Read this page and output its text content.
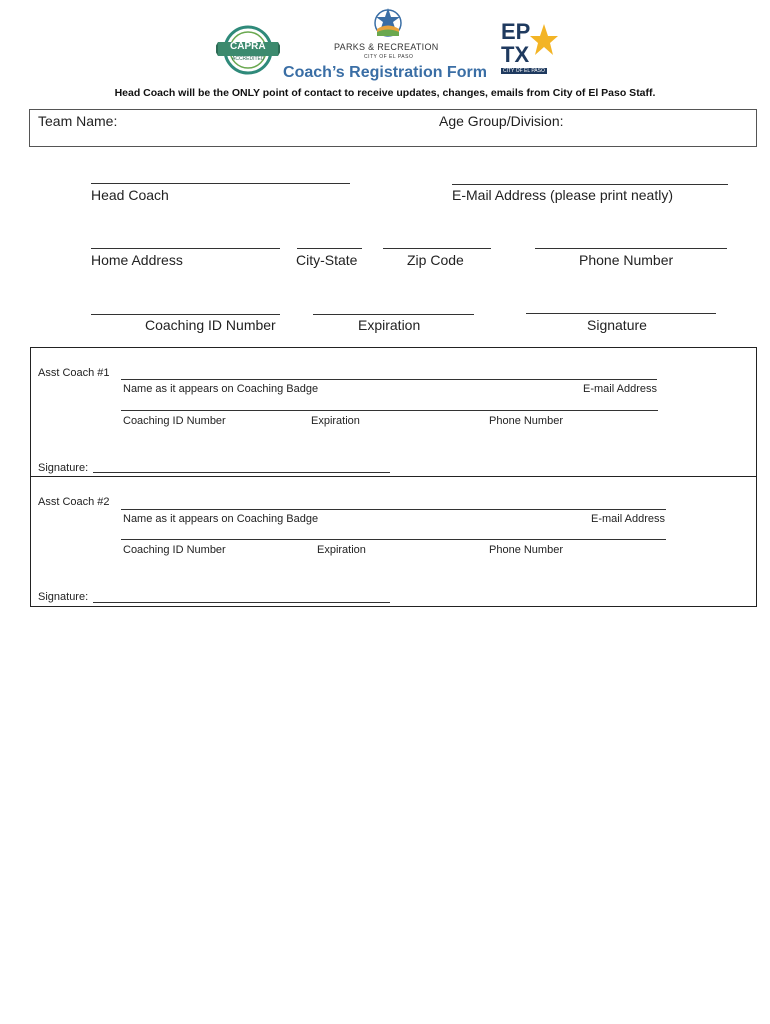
CAPRA
ACCREDITED
PARKS & RECREATION
CITY OF EL PASO
EP
TX
CITY OF EL PASO
Coach’s Registration Form
Head Coach will be the ONLY point of contact to receive updates, changes, emails from City of El Paso Staff.
Team Name:	Age Group/Division:
Head Coach	E-Mail Address (please print neatly)
Home Address	City-State	Zip Code	Phone Number
Coaching ID Number	Expiration	Signature
Asst Coach #1
Name as it appears on Coaching Badge	E-mail Address
Coaching ID Number	Expiration	Phone Number
Signature:
Asst Coach #2
Name as it appears on Coaching Badge	E-mail Address
Coaching ID Number	Expiration	Phone Number
Signature:
